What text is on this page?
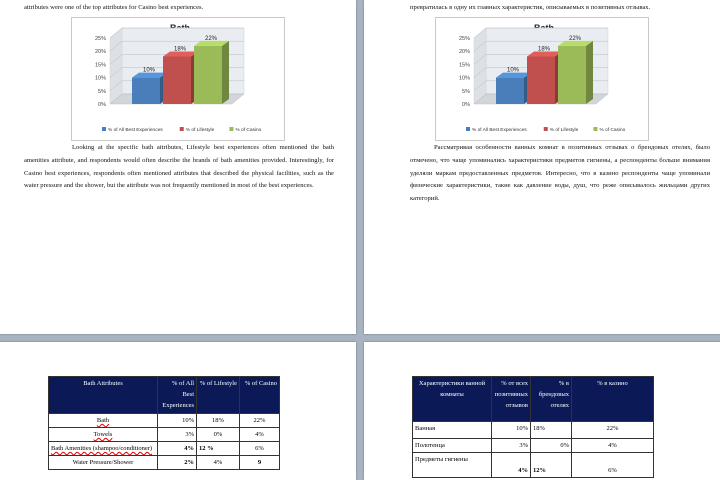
attributes were one of the top attributes for Casino best experiences.
0%
5%
10%
15%
20%
25%
10%
18%
22%
% of All Best Experiences	% of Lifestyle	% of Casino

Looking at the specific bath attributes, Lifestyle best experiences often mentioned the bath amenities attribute, and respondents would often describe the brands of bath amenities provided. Interestingly, for Casino best experiences, respondents often mentioned attributes that described the physical facilities, such as the water pressure and the shower, but the attribute was not frequently mentioned in most of the best experiences.

превратилась в одну их главных характеристик, описываемых в позитивных отзывах.
0%
5%
10%
15%
20%
25%
10%
18%
22%
% of All Best Experiences	% of Lifestyle	% of Casino

Рассматривая особенности ванных комнат в позитивных отзывах о брендовых отелях, было отмечено, что чаще упоминались характеристики предметов гигиены, а респонденты больше внимания уделяли маркам предоставленных предметов. Интересно, что в казино респонденты чаще упоминали физические характеристики, такие как давление воды, душ, что реже описывалось жильцами других категорий.

Bath Attributes	% of All Best Experiences	% of Lifestyle	% of Casino
Bath	10%	18%	22%
Towels	3%	0%	4%
Bath Amenities (shampoo/conditioner)	4%	12 %	6%
Water Pressure/Shower	2%	4%	9
Характеристики ванной комнаты	% от всех позитивных отзывов	% в брендовых отелях	% в казино
Ванная	10%	18%	22%
Полотенца	3%	0%	4%
Предметы гигиены	4%	12%	6%
